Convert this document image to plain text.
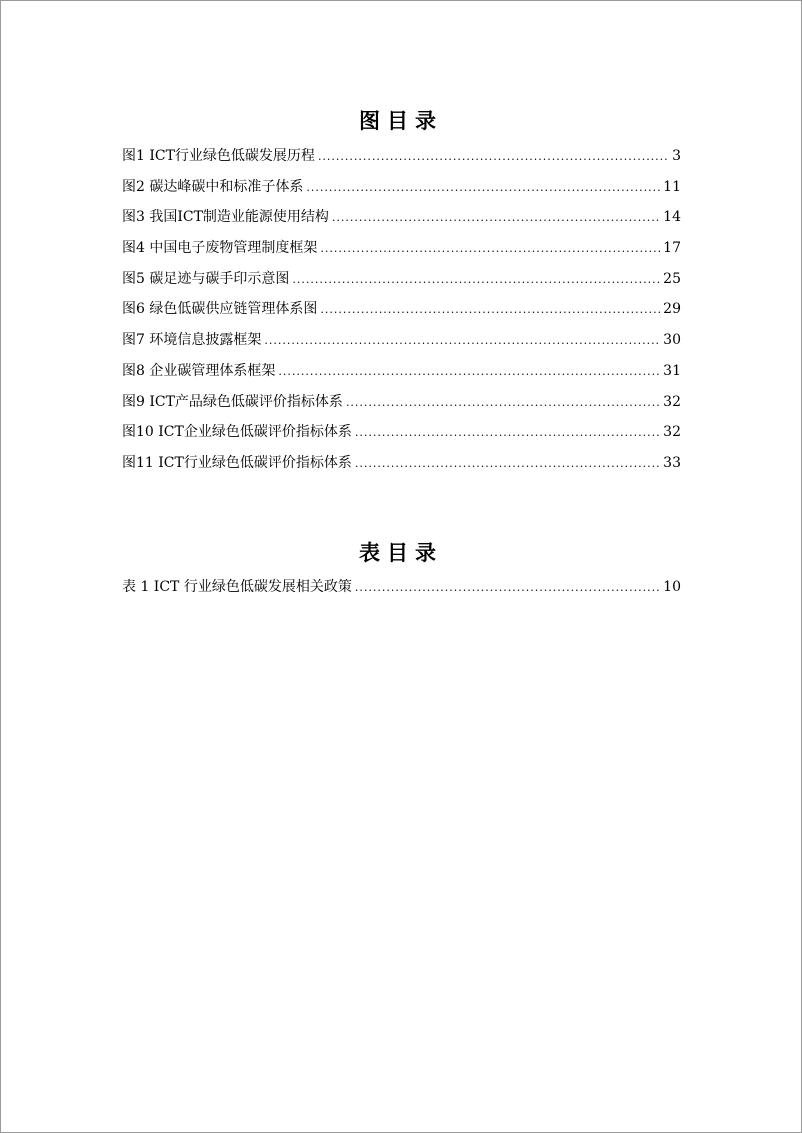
图目录
图1 ICT行业绿色低碳发展历程 .....	3
图2 碳达峰碳中和标准子体系 .....	11
图3 我国ICT制造业能源使用结构 .....	14
图4 中国电子废物管理制度框架 .....	17
图5 碳足迹与碳手印示意图 .....	25
图6 绿色低碳供应链管理体系图 .....	29
图7 环境信息披露框架 .....	30
图8 企业碳管理体系框架 .....	31
图9 ICT产品绿色低碳评价指标体系 .....	32
图10 ICT企业绿色低碳评价指标体系 .....	32
图11 ICT行业绿色低碳评价指标体系 .....	33
表目录
表 1 ICT 行业绿色低碳发展相关政策 .....	10
